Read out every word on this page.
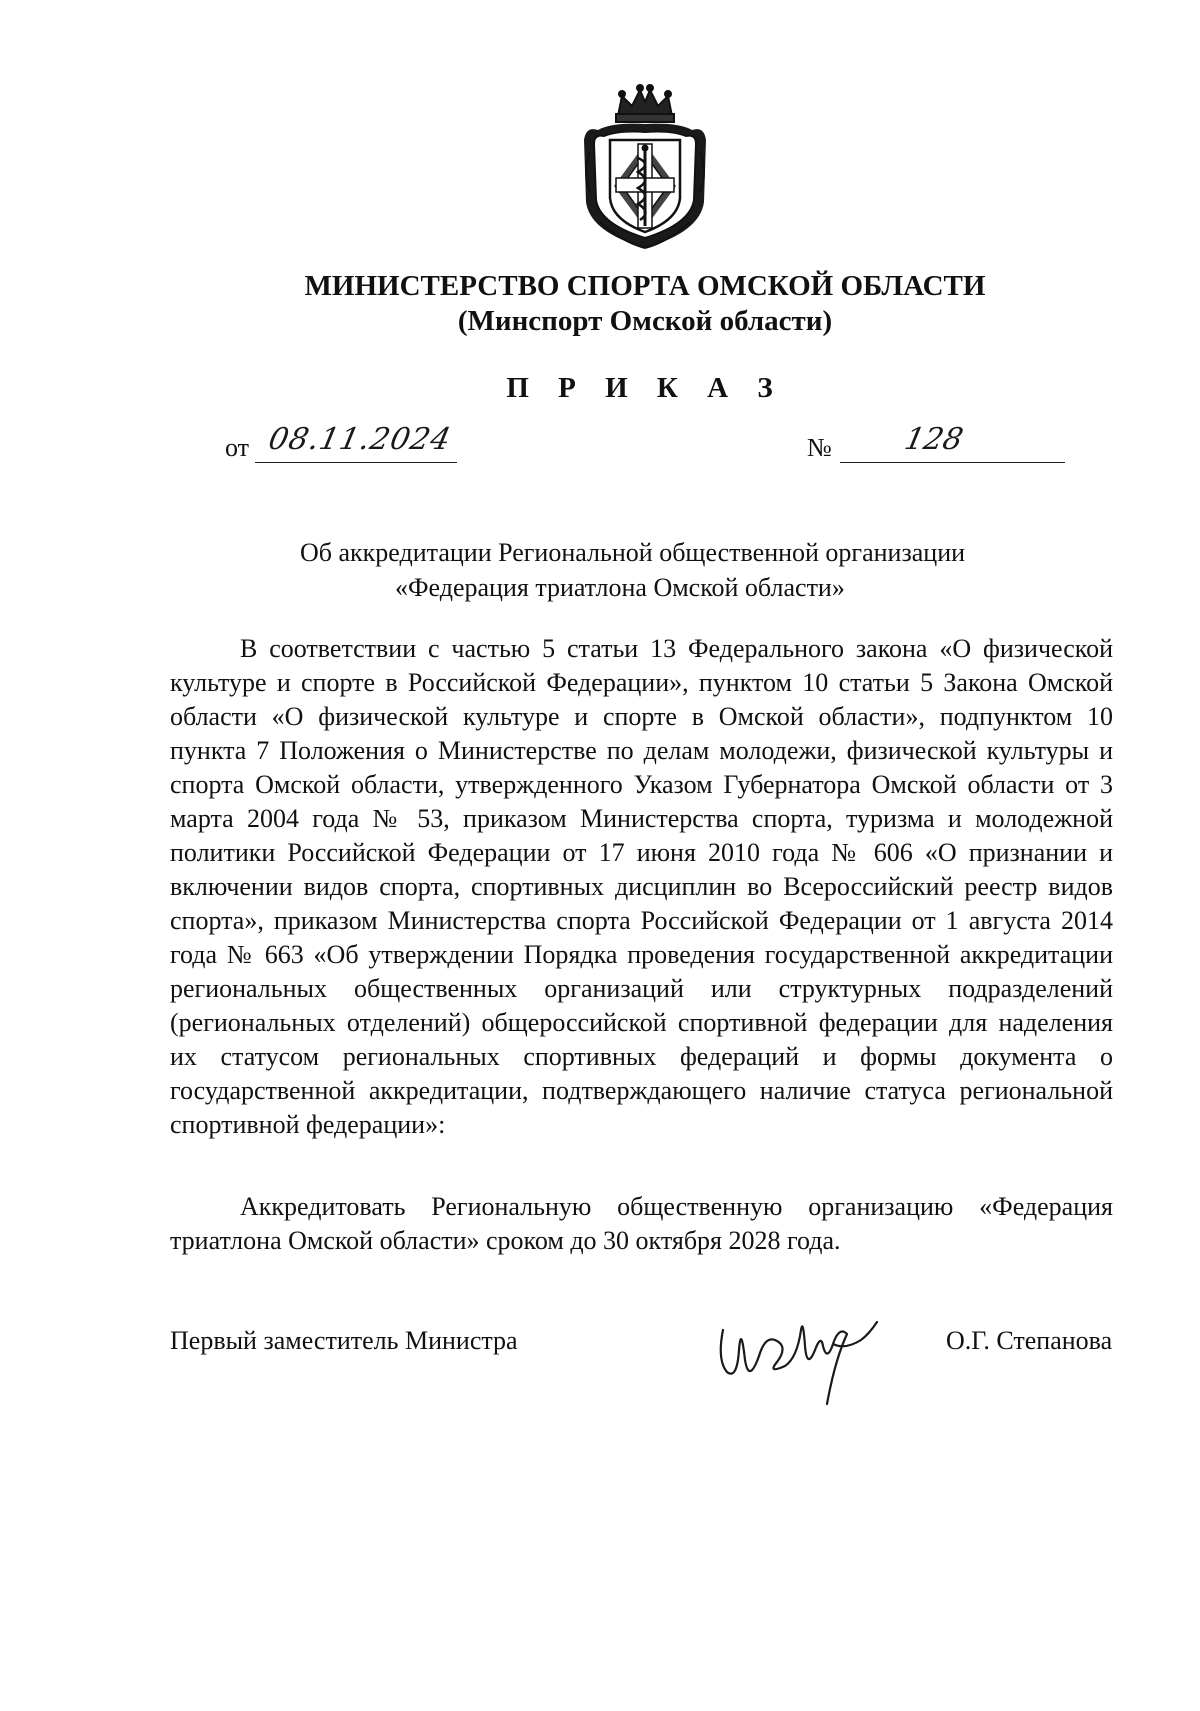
МИНИСТЕРСТВО СПОРТА ОМСКОЙ ОБЛАСТИ
(Минспорт Омской области)
П Р И К А З
от 08.11.2024	№ 128
Об аккредитации Региональной общественной организации
«Федерация триатлона Омской области»

В соответствии с частью 5 статьи 13 Федерального закона «О физической культуре и спорте в Российской Федерации», пунктом 10 статьи 5 Закона Омской области «О физической культуре и спорте в Омской области», подпунктом 10 пункта 7 Положения о Министерстве по делам молодежи, физической культуры и спорта Омской области, утвержденного Указом Губернатора Омской области от 3 марта 2004 года № 53, приказом Министерства спорта, туризма и молодежной политики Российской Федерации от 17 июня 2010 года № 606 «О признании и включении видов спорта, спортивных дисциплин во Всероссийский реестр видов спорта», приказом Министерства спорта Российской Федерации от 1 августа 2014 года № 663 «Об утверждении Порядка проведения государственной аккредитации региональных общественных организаций или структурных подразделений (региональных отделений) общероссийской спортивной федерации для наделения их статусом региональных спортивных федераций и формы документа о государственной аккредитации, подтверждающего наличие статуса региональной спортивной федерации»:

Аккредитовать Региональную общественную организацию «Федерация триатлона Омской области» сроком до 30 октября 2028 года.

Первый заместитель Министра	О.Г. Степанова
